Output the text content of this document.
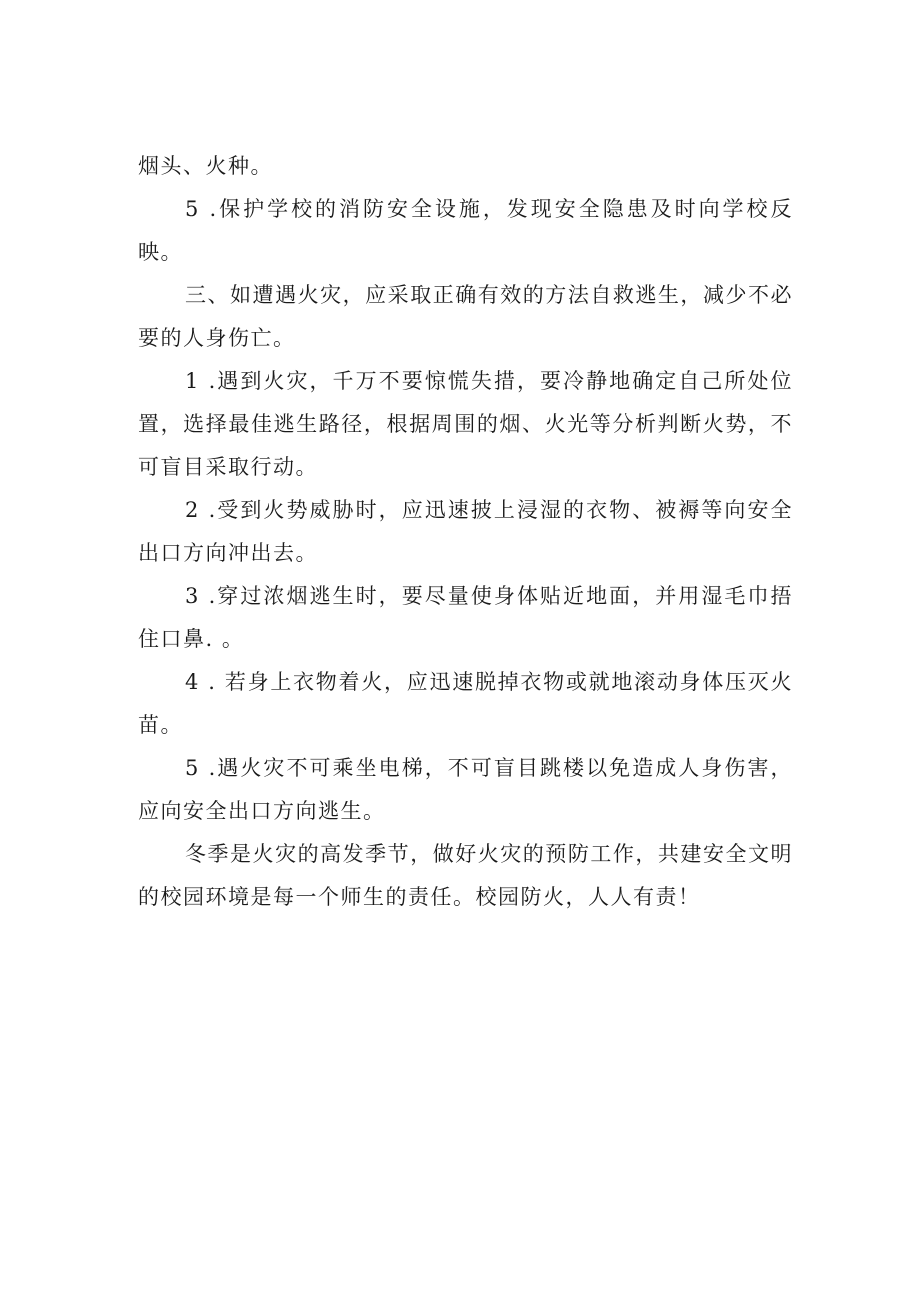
烟头、火种。

5 .保护学校的消防安全设施，发现安全隐患及时向学校反映。

三、如遭遇火灾，应采取正确有效的方法自救逃生，减少不必要的人身伤亡。

1 .遇到火灾，千万不要惊慌失措，要冷静地确定自己所处位置，选择最佳逃生路径，根据周围的烟、火光等分析判断火势，不可盲目采取行动。

2 .受到火势威胁时，应迅速披上浸湿的衣物、被褥等向安全出口方向冲出去。

3 .穿过浓烟逃生时，要尽量使身体贴近地面，并用湿毛巾捂住口鼻. 。

4 . 若身上衣物着火，应迅速脱掉衣物或就地滚动身体压灭火苗。

5 .遇火灾不可乘坐电梯，不可盲目跳楼以免造成人身伤害，应向安全出口方向逃生。

冬季是火灾的高发季节，做好火灾的预防工作，共建安全文明的校园环境是每一个师生的责任。校园防火，人人有责！
